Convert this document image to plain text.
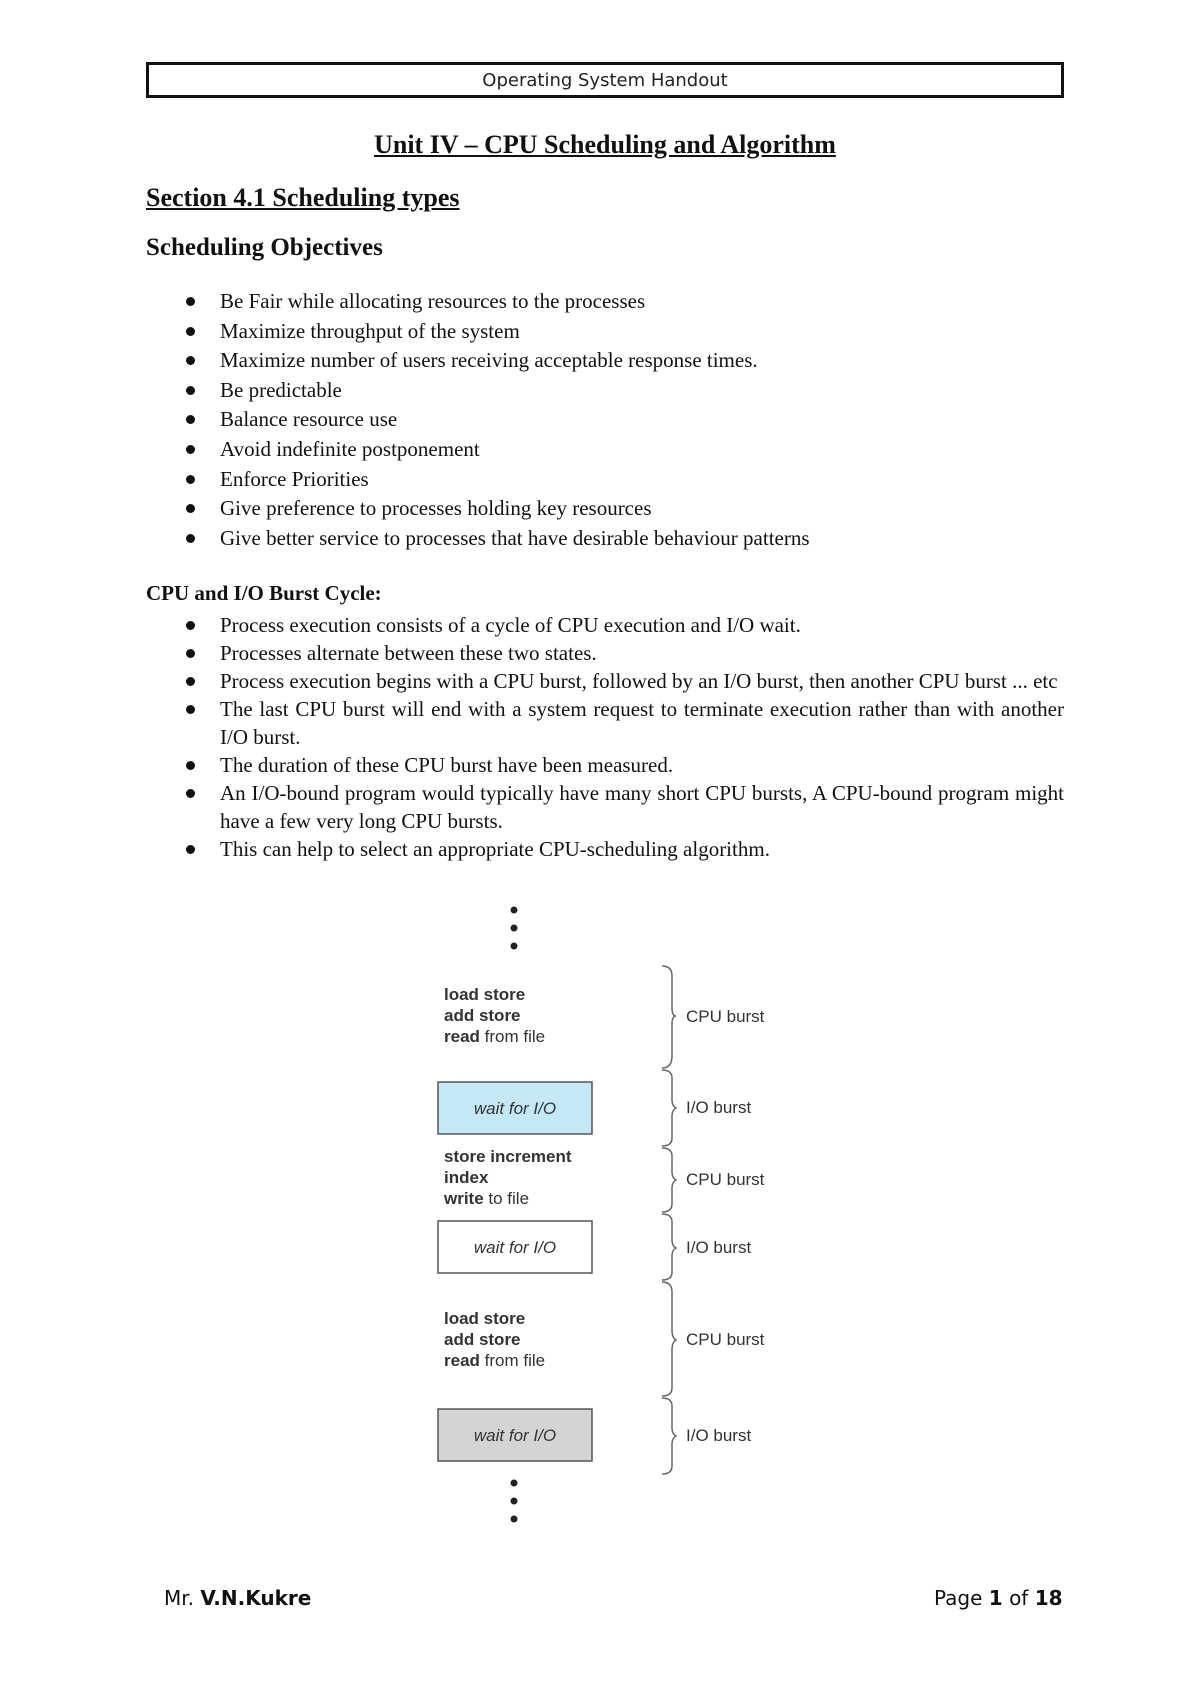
Operating System Handout
Unit IV – CPU Scheduling and Algorithm
Section 4.1 Scheduling types
Scheduling Objectives
Be Fair while allocating resources to the processes
Maximize throughput of the system
Maximize number of users receiving acceptable response times.
Be predictable
Balance resource use
Avoid indefinite postponement
Enforce Priorities
Give preference to processes holding key resources
Give better service to processes that have desirable behaviour patterns
CPU and I/O Burst Cycle:
Process execution consists of a cycle of CPU execution and I/O wait.
Processes alternate between these two states.
Process execution begins with a CPU burst, followed by an I/O burst, then another CPU burst ... etc
The last CPU burst will end with a system request to terminate execution rather than with another I/O burst.
The duration of these CPU burst have been measured.
An I/O-bound program would typically have many short CPU bursts, A CPU-bound program might have a few very long CPU bursts.
This can help to select an appropriate CPU-scheduling algorithm.
load store
add store
read from file
wait for I/O
store increment
index
write to file
wait for I/O
load store
add store
read from file
wait for I/O
CPU burst
I/O burst
CPU burst
I/O burst
CPU burst
I/O burst
Mr. V.N.Kukre	Page 1 of 18
